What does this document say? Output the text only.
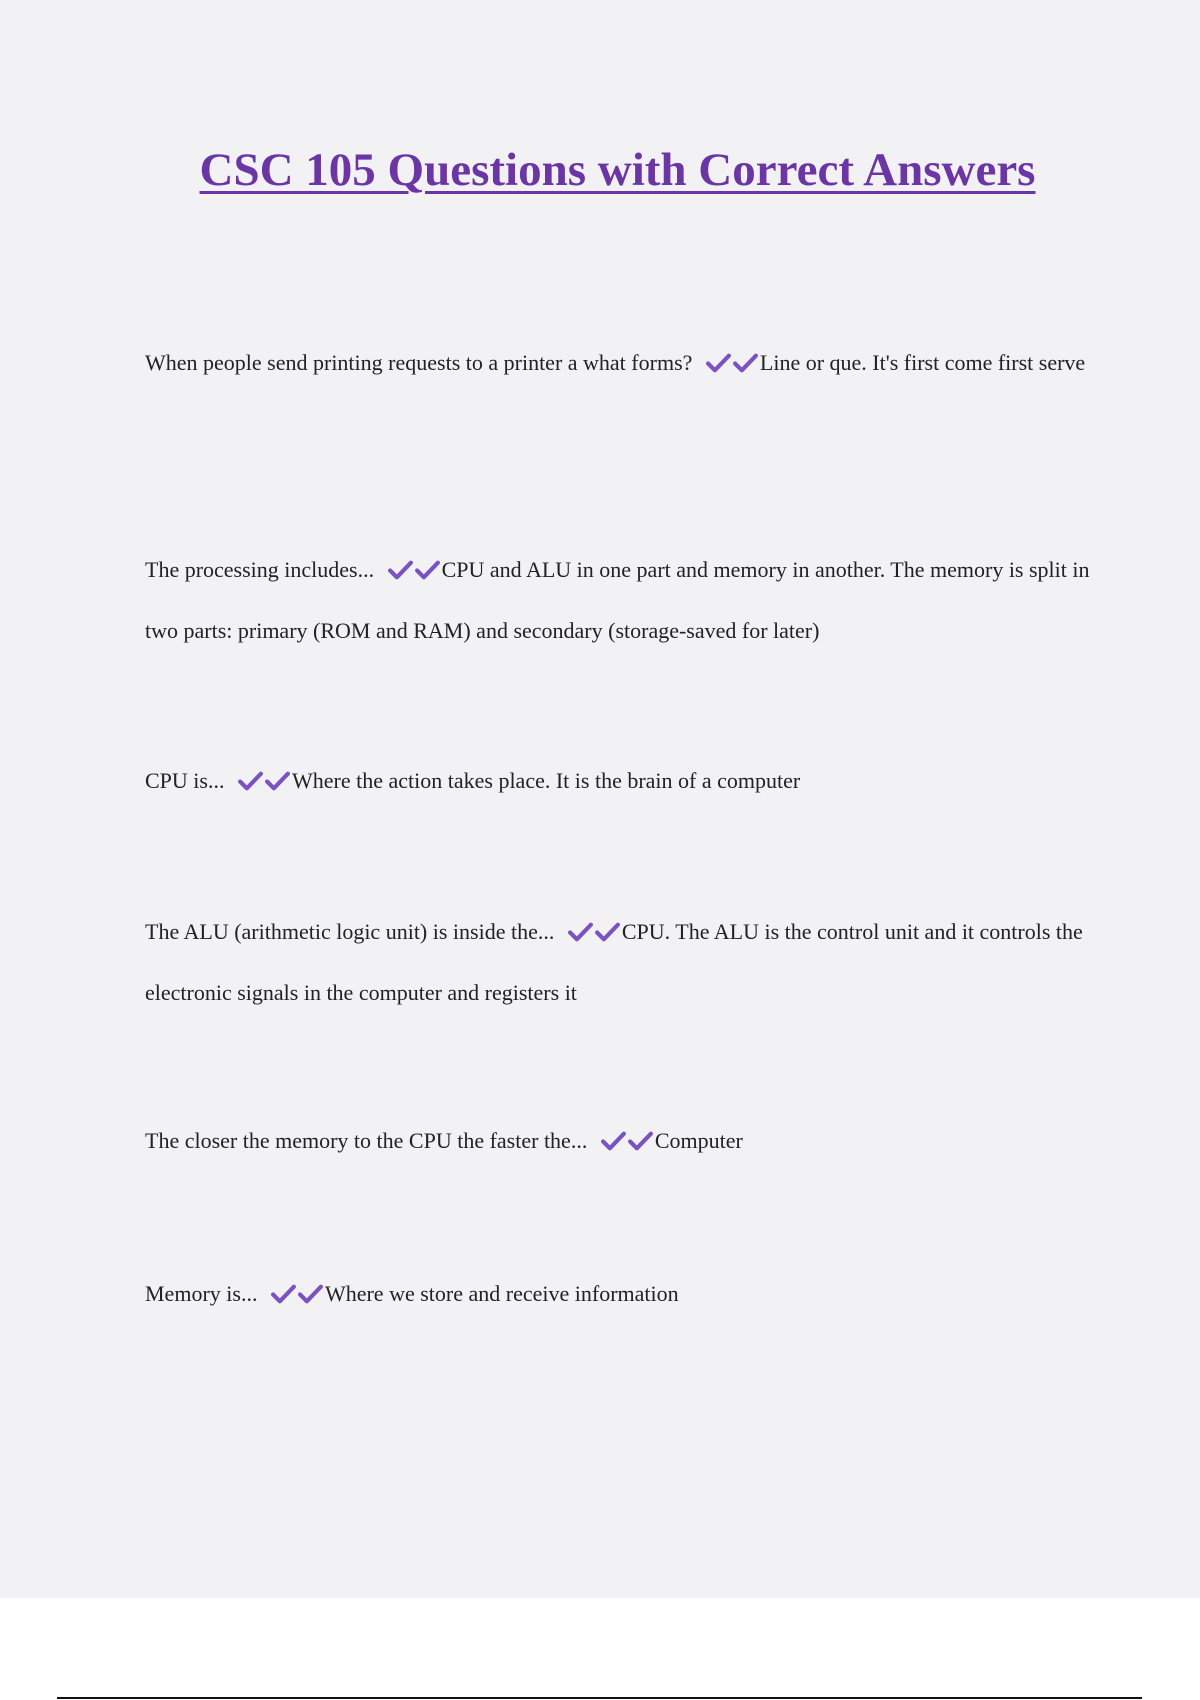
CSC 105 Questions with Correct Answers

When people send printing requests to a printer a what forms?	Line or que. It's first come first serve

The processing includes...	CPU and ALU in one part and memory in another. The memory is split in two parts: primary (ROM and RAM) and secondary (storage-saved for later)

CPU is...	Where the action takes place. It is the brain of a computer

The ALU (arithmetic logic unit) is inside the...	CPU. The ALU is the control unit and it controls the electronic signals in the computer and registers it

The closer the memory to the CPU the faster the...	Computer

Memory is...	Where we store and receive information
